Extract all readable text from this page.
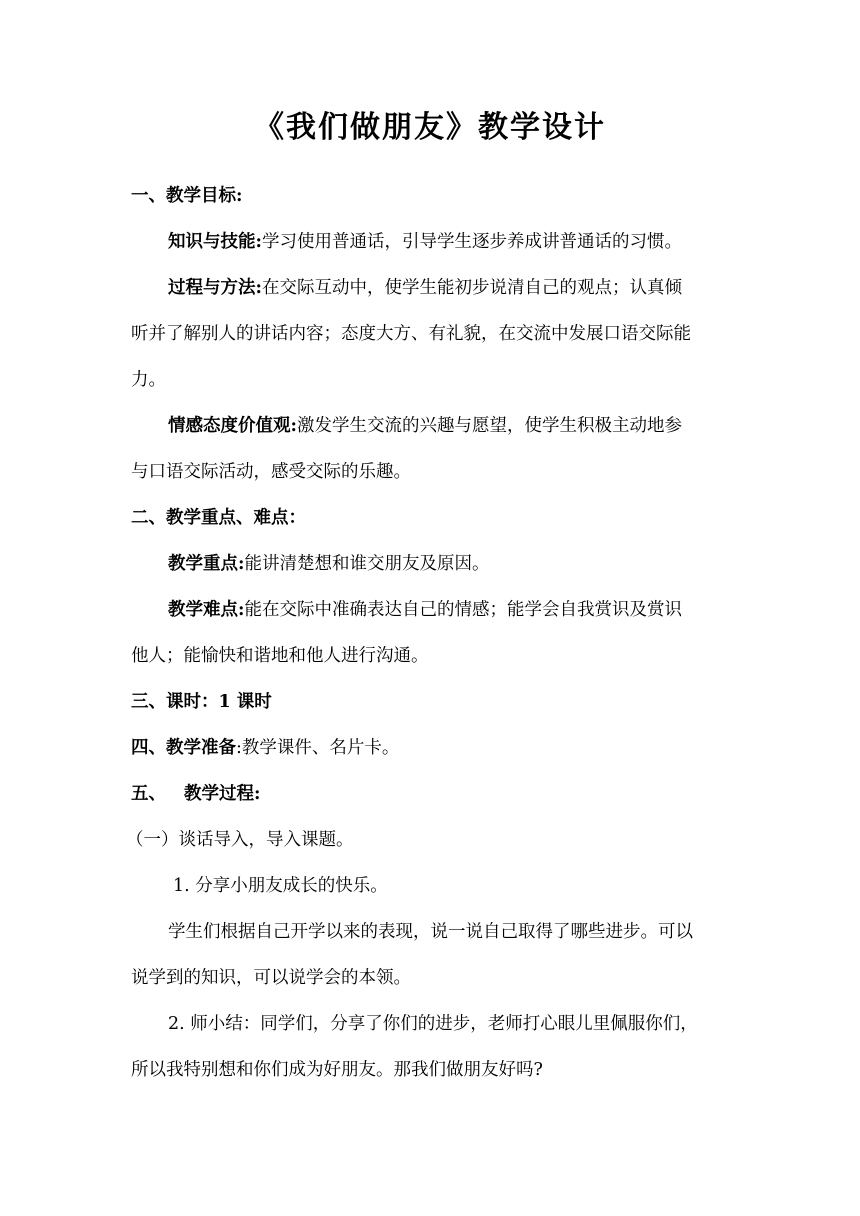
《我们做朋友》教学设计
一、教学目标:
知识与技能:学习使用普通话，引导学生逐步养成讲普通话的习惯。
过程与方法:在交际互动中，使学生能初步说清自己的观点；认真倾
听并了解别人的讲话内容；态度大方、有礼貌，在交流中发展口语交际能
力。
情感态度价值观:激发学生交流的兴趣与愿望，使学生积极主动地参
与口语交际活动，感受交际的乐趣。
二、教学重点、难点：
教学重点:能讲清楚想和谁交朋友及原因。
教学难点:能在交际中准确表达自己的情感；能学会自我赏识及赏识
他人；能愉快和谐地和他人进行沟通。
三、课时：1 课时
四、教学准备:教学课件、名片卡。
五、 教学过程:
（一）谈话导入，导入课题。
1. 分享小朋友成长的快乐。
学生们根据自己开学以来的表现，说一说自己取得了哪些进步。可以
说学到的知识，可以说学会的本领。
2. 师小结：同学们，分享了你们的进步，老师打心眼儿里佩服你们，
所以我特别想和你们成为好朋友。那我们做朋友好吗?
